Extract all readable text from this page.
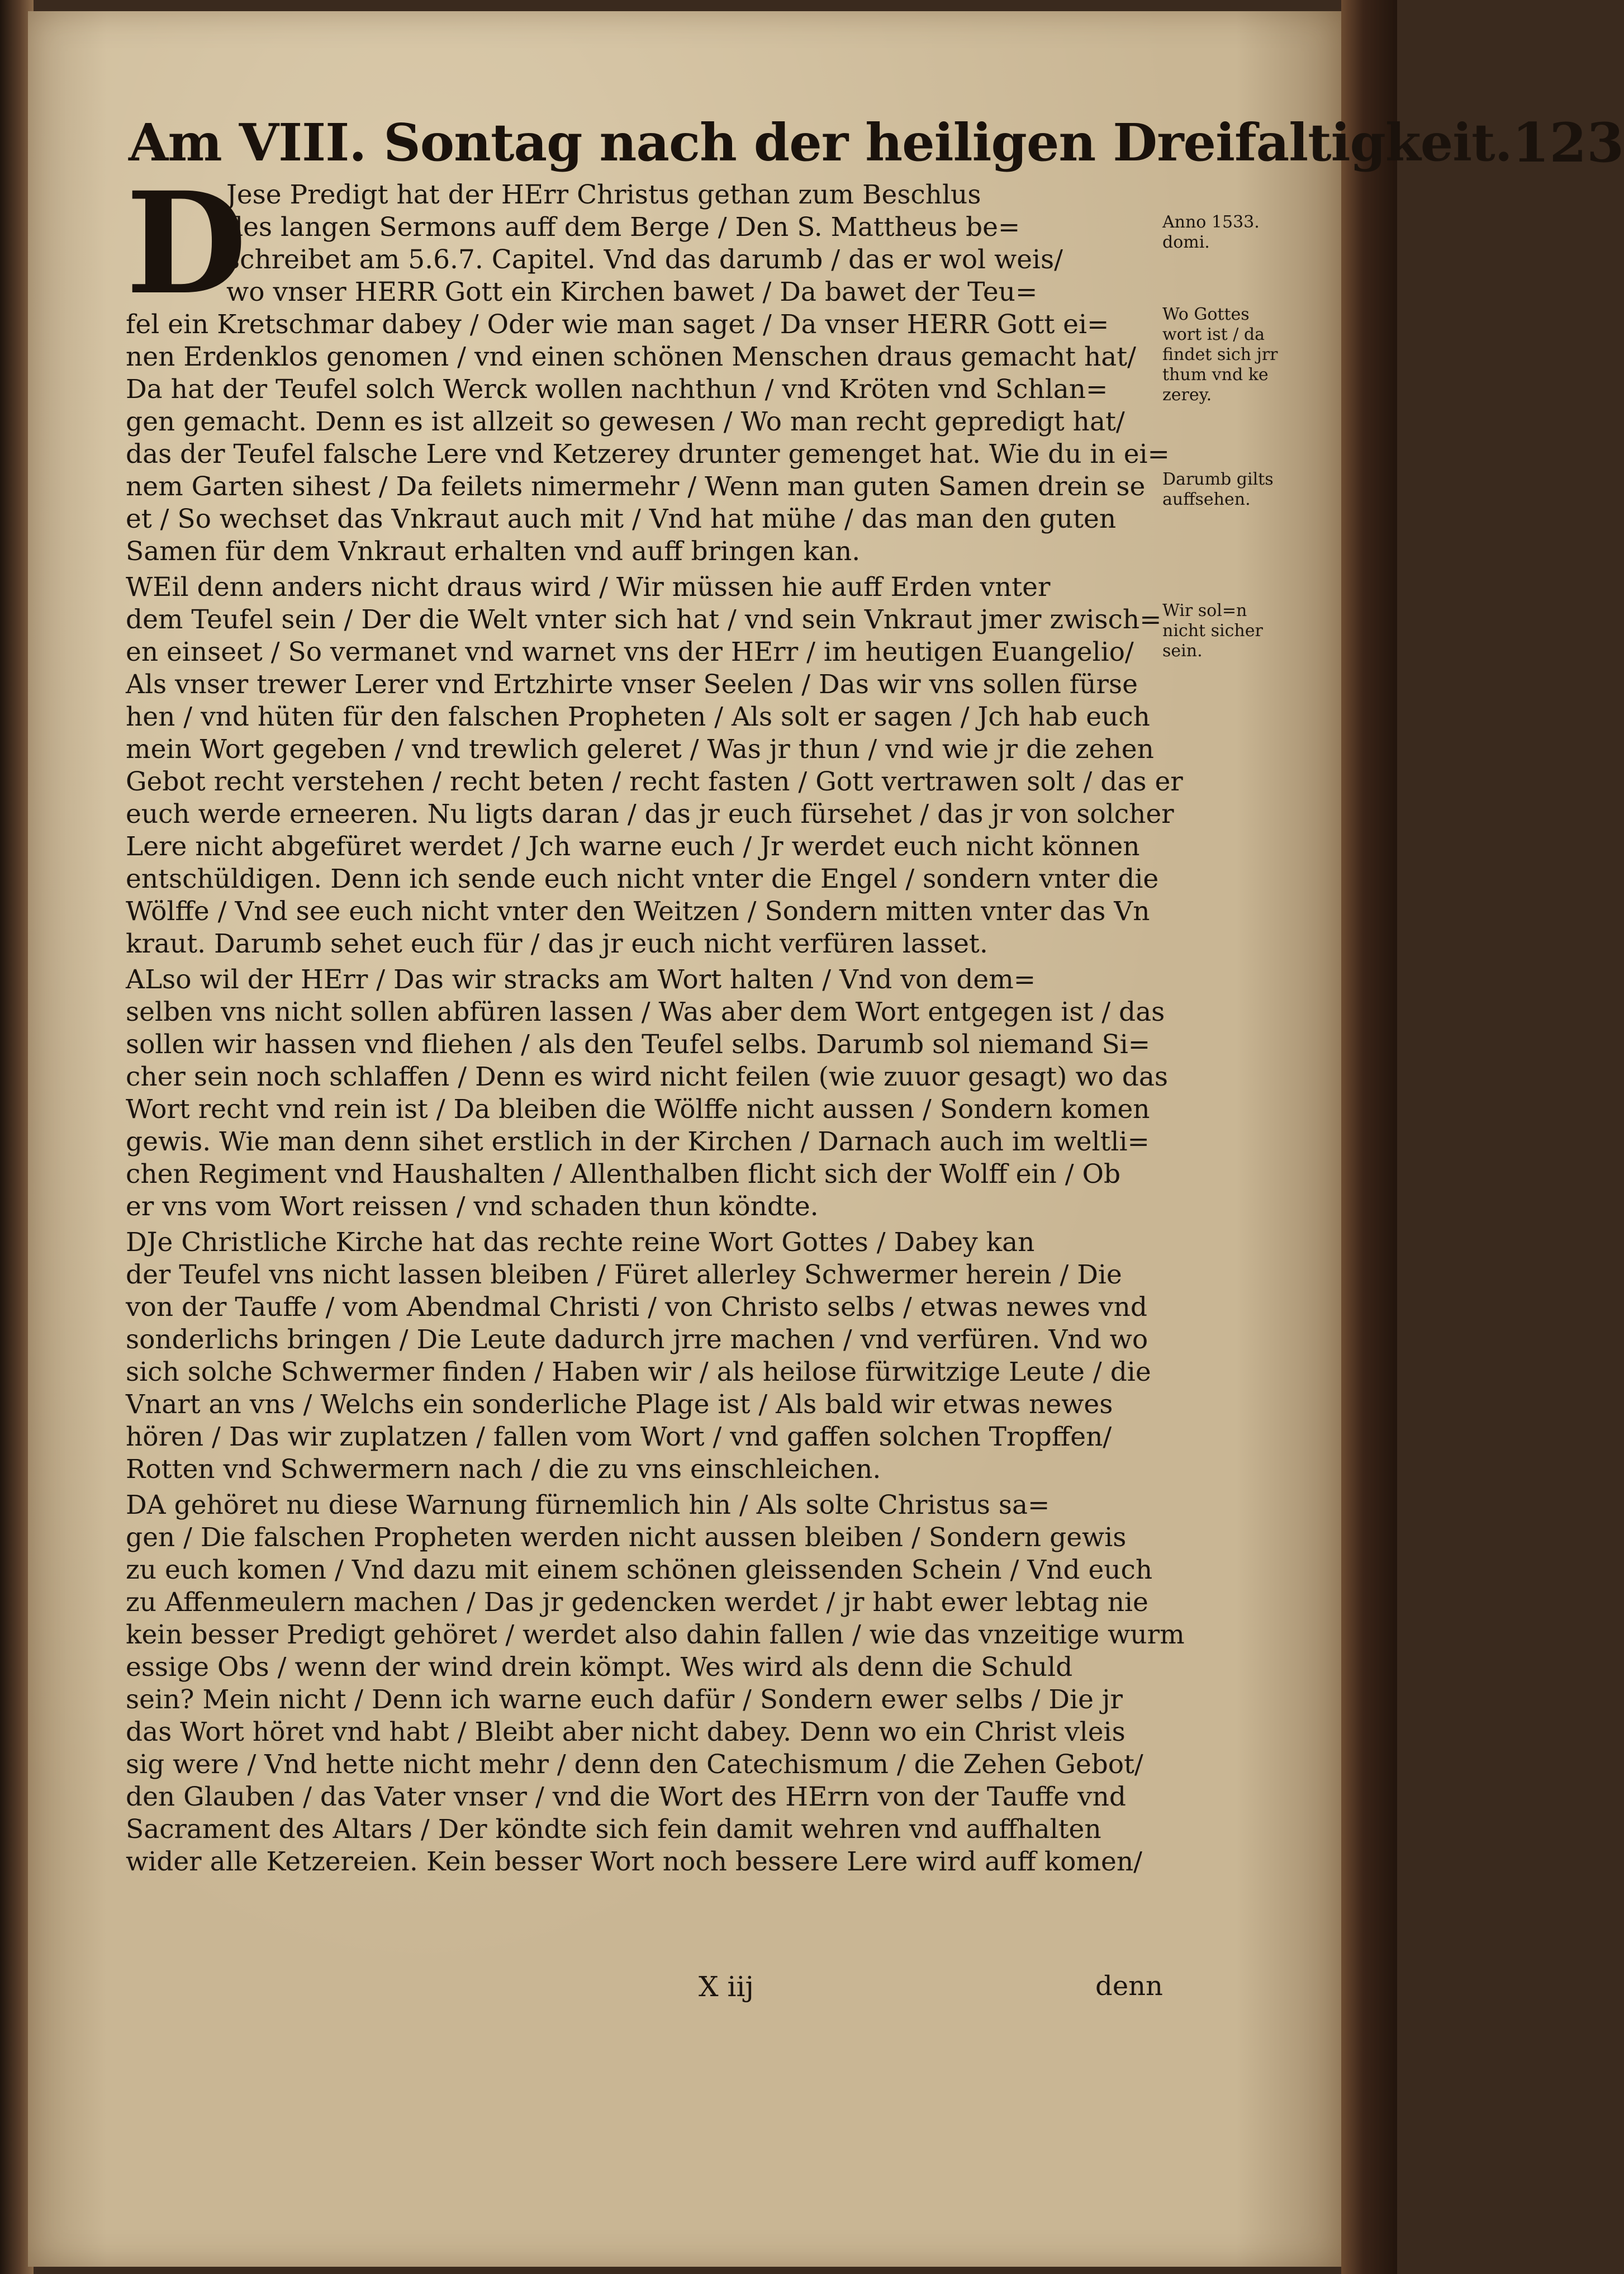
Am VIII. Sontag nach der heiligen Dreifaltigkeit. 123
D
Jese Predigt hat der HErr Christus gethan zum Beschlus
des langen Sermons auff dem Berge / Den S. Mattheus be=
schreibet am 5.6.7. Capitel. Vnd das darumb / das er wol weis/
wo vnser HERR Gott ein Kirchen bawet / Da bawet der Teu=
fel ein Kretschmar dabey / Oder wie man saget / Da vnser HERR Gott ei=
nen Erdenklos genomen / vnd einen schönen Menschen draus gemacht hat/
Da hat der Teufel solch Werck wollen nachthun / vnd Kröten vnd Schlan=
gen gemacht. Denn es ist allzeit so gewesen / Wo man recht gepredigt hat/
das der Teufel falsche Lere vnd Ketzerey drunter gemenget hat. Wie du in ei=
nem Garten sihest / Da feilets nimermehr / Wenn man guten Samen drein se
et / So wechset das Vnkraut auch mit / Vnd hat mühe / das man den guten
Samen für dem Vnkraut erhalten vnd auff bringen kan.
WEil denn anders nicht draus wird / Wir müssen hie auff Erden vnter
dem Teufel sein / Der die Welt vnter sich hat / vnd sein Vnkraut jmer zwisch=
en einseet / So vermanet vnd warnet vns der HErr / im heutigen Euangelio/
Als vnser trewer Lerer vnd Ertzhirte vnser Seelen / Das wir vns sollen fürse
hen / vnd hüten für den falschen Propheten / Als solt er sagen / Jch hab euch
mein Wort gegeben / vnd trewlich geleret / Was jr thun / vnd wie jr die zehen
Gebot recht verstehen / recht beten / recht fasten / Gott vertrawen solt / das er
euch werde erneeren. Nu ligts daran / das jr euch fürsehet / das jr von solcher
Lere nicht abgefüret werdet / Jch warne euch / Jr werdet euch nicht können
entschüldigen. Denn ich sende euch nicht vnter die Engel / sondern vnter die
Wölffe / Vnd see euch nicht vnter den Weitzen / Sondern mitten vnter das Vn
kraut. Darumb sehet euch für / das jr euch nicht verfüren lasset.
ALso wil der HErr / Das wir stracks am Wort halten / Vnd von dem=
selben vns nicht sollen abfüren lassen / Was aber dem Wort entgegen ist / das
sollen wir hassen vnd fliehen / als den Teufel selbs. Darumb sol niemand Si=
cher sein noch schlaffen / Denn es wird nicht feilen (wie zuuor gesagt) wo das
Wort recht vnd rein ist / Da bleiben die Wölffe nicht aussen / Sondern komen
gewis. Wie man denn sihet erstlich in der Kirchen / Darnach auch im weltli=
chen Regiment vnd Haushalten / Allenthalben flicht sich der Wolff ein / Ob
er vns vom Wort reissen / vnd schaden thun köndte.
DJe Christliche Kirche hat das rechte reine Wort Gottes / Dabey kan
der Teufel vns nicht lassen bleiben / Füret allerley Schwermer herein / Die
von der Tauffe / vom Abendmal Christi / von Christo selbs / etwas newes vnd
sonderlichs bringen / Die Leute dadurch jrre machen / vnd verfüren. Vnd wo
sich solche Schwermer finden / Haben wir / als heilose fürwitzige Leute / die
Vnart an vns / Welchs ein sonderliche Plage ist / Als bald wir etwas newes
hören / Das wir zuplatzen / fallen vom Wort / vnd gaffen solchen Tropffen/
Rotten vnd Schwermern nach / die zu vns einschleichen.
DA gehöret nu diese Warnung fürnemlich hin / Als solte Christus sa=
gen / Die falschen Propheten werden nicht aussen bleiben / Sondern gewis
zu euch komen / Vnd dazu mit einem schönen gleissenden Schein / Vnd euch
zu Affenmeulern machen / Das jr gedencken werdet / jr habt ewer lebtag nie
kein besser Predigt gehöret / werdet also dahin fallen / wie das vnzeitige wurm
essige Obs / wenn der wind drein kömpt. Wes wird als denn die Schuld
sein? Mein nicht / Denn ich warne euch dafür / Sondern ewer selbs / Die jr
das Wort höret vnd habt / Bleibt aber nicht dabey. Denn wo ein Christ vleis
sig were / Vnd hette nicht mehr / denn den Catechismum / die Zehen Gebot/
den Glauben / das Vater vnser / vnd die Wort des HErrn von der Tauffe vnd
Sacrament des Altars / Der köndte sich fein damit wehren vnd auffhalten
wider alle Ketzereien. Kein besser Wort noch bessere Lere wird auff komen/
Anno 1533.
domi.
Wo Gottes
wort ist / da
findet sich jrr
thum vnd ke
zerey.
Darumb gilts
auffsehen.
Wir sol=n
nicht sicher
sein.
X iij	denn
